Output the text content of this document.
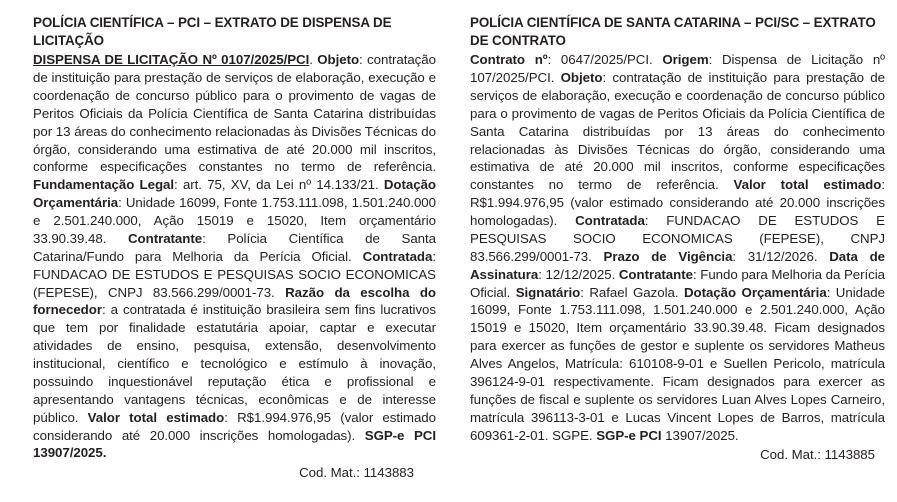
POLÍCIA CIENTÍFICA – PCI – EXTRATO DE DISPENSA DE LICITAÇÃO

DISPENSA DE LICITAÇÃO Nº 0107/2025/PCI. Objeto: contratação de instituição para prestação de serviços de elaboração, execução e coordenação de concurso público para o provimento de vagas de Peritos Oficiais da Polícia Científica de Santa Catarina distribuídas por 13 áreas do conhecimento relacionadas às Divisões Técnicas do órgão, considerando uma estimativa de até 20.000 mil inscritos, conforme especificações constantes no termo de referência. Fundamentação Legal: art. 75, XV, da Lei nº 14.133/21. Dotação Orçamentária: Unidade 16099, Fonte 1.753.111.098, 1.501.240.000 e 2.501.240.000, Ação 15019 e 15020, Item orçamentário 33.90.39.48. Contratante: Polícia Científica de Santa Catarina/Fundo para Melhoria da Perícia Oficial. Contratada: FUNDACAO DE ESTUDOS E PESQUISAS SOCIO ECONOMICAS (FEPESE), CNPJ 83.566.299/0001-73. Razão da escolha do fornecedor: a contratada é instituição brasileira sem fins lucrativos que tem por finalidade estatutária apoiar, captar e executar atividades de ensino, pesquisa, extensão, desenvolvimento institucional, científico e tecnológico e estímulo à inovação, possuindo inquestionável reputação ética e profissional e apresentando vantagens técnicas, econômicas e de interesse público. Valor total estimado: R$1.994.976,95 (valor estimado considerando até 20.000 inscrições homologadas). SGP-e PCI 13907/2025.

Cod. Mat.: 1143883
POLÍCIA CIENTÍFICA DE SANTA CATARINA – PCI/SC – EXTRATO DE CONTRATO

Contrato nº: 0647/2025/PCI. Origem: Dispensa de Licitação nº 107/2025/PCI. Objeto: contratação de instituição para prestação de serviços de elaboração, execução e coordenação de concurso público para o provimento de vagas de Peritos Oficiais da Polícia Científica de Santa Catarina distribuídas por 13 áreas do conhecimento relacionadas às Divisões Técnicas do órgão, considerando uma estimativa de até 20.000 mil inscritos, conforme especificações constantes no termo de referência. Valor total estimado: R$1.994.976,95 (valor estimado considerando até 20.000 inscrições homologadas). Contratada: FUNDACAO DE ESTUDOS E PESQUISAS SOCIO ECONOMICAS (FEPESE), CNPJ 83.566.299/0001-73. Prazo de Vigência: 31/12/2026. Data de Assinatura: 12/12/2025. Contratante: Fundo para Melhoria da Perícia Oficial. Signatário: Rafael Gazola. Dotação Orçamentária: Unidade 16099, Fonte 1.753.111.098, 1.501.240.000 e 2.501.240.000, Ação 15019 e 15020, Item orçamentário 33.90.39.48. Ficam designados para exercer as funções de gestor e suplente os servidores Matheus Alves Angelos, Matrícula: 610108-9-01 e Suellen Pericolo, matrícula 396124-9-01 respectivamente. Ficam designados para exercer as funções de fiscal e suplente os servidores Luan Alves Lopes Carneiro, matrícula 396113-3-01 e Lucas Vincent Lopes de Barros, matrícula 609361-2-01. SGPE. SGP-e PCI 13907/2025.

Cod. Mat.: 1143885
